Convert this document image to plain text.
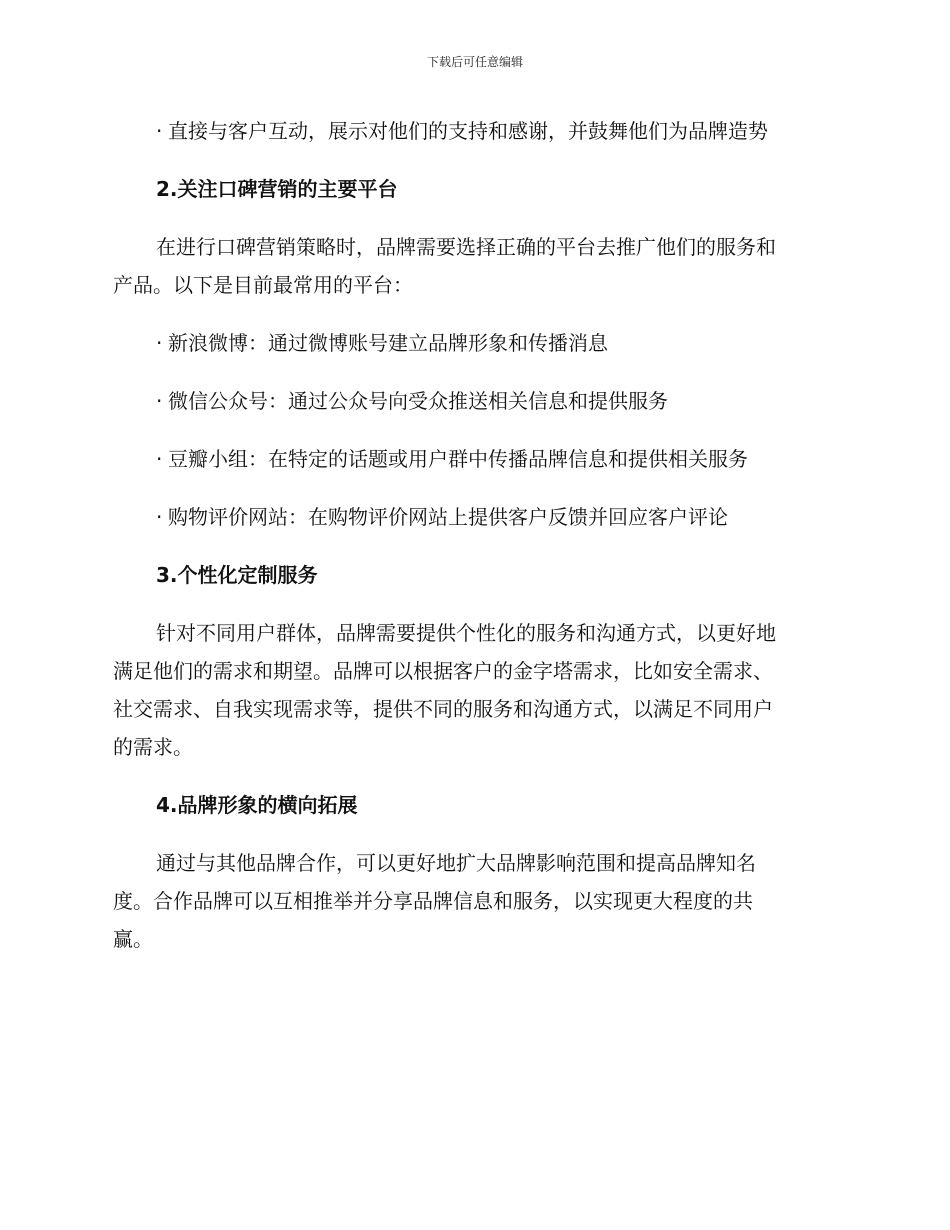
下载后可任意编辑
· 直接与客户互动，展示对他们的支持和感谢，并鼓舞他们为品牌造势
2.关注口碑营销的主要平台
在进行口碑营销策略时，品牌需要选择正确的平台去推广他们的服务和
产品。以下是目前最常用的平台：
· 新浪微博：通过微博账号建立品牌形象和传播消息
· 微信公众号：通过公众号向受众推送相关信息和提供服务
· 豆瓣小组：在特定的话题或用户群中传播品牌信息和提供相关服务
· 购物评价网站：在购物评价网站上提供客户反馈并回应客户评论
3.个性化定制服务
针对不同用户群体，品牌需要提供个性化的服务和沟通方式，以更好地
满足他们的需求和期望。品牌可以根据客户的金字塔需求，比如安全需求、
社交需求、自我实现需求等，提供不同的服务和沟通方式，以满足不同用户
的需求。
4.品牌形象的横向拓展
通过与其他品牌合作，可以更好地扩大品牌影响范围和提高品牌知名
度。合作品牌可以互相推举并分享品牌信息和服务，以实现更大程度的共
赢。
